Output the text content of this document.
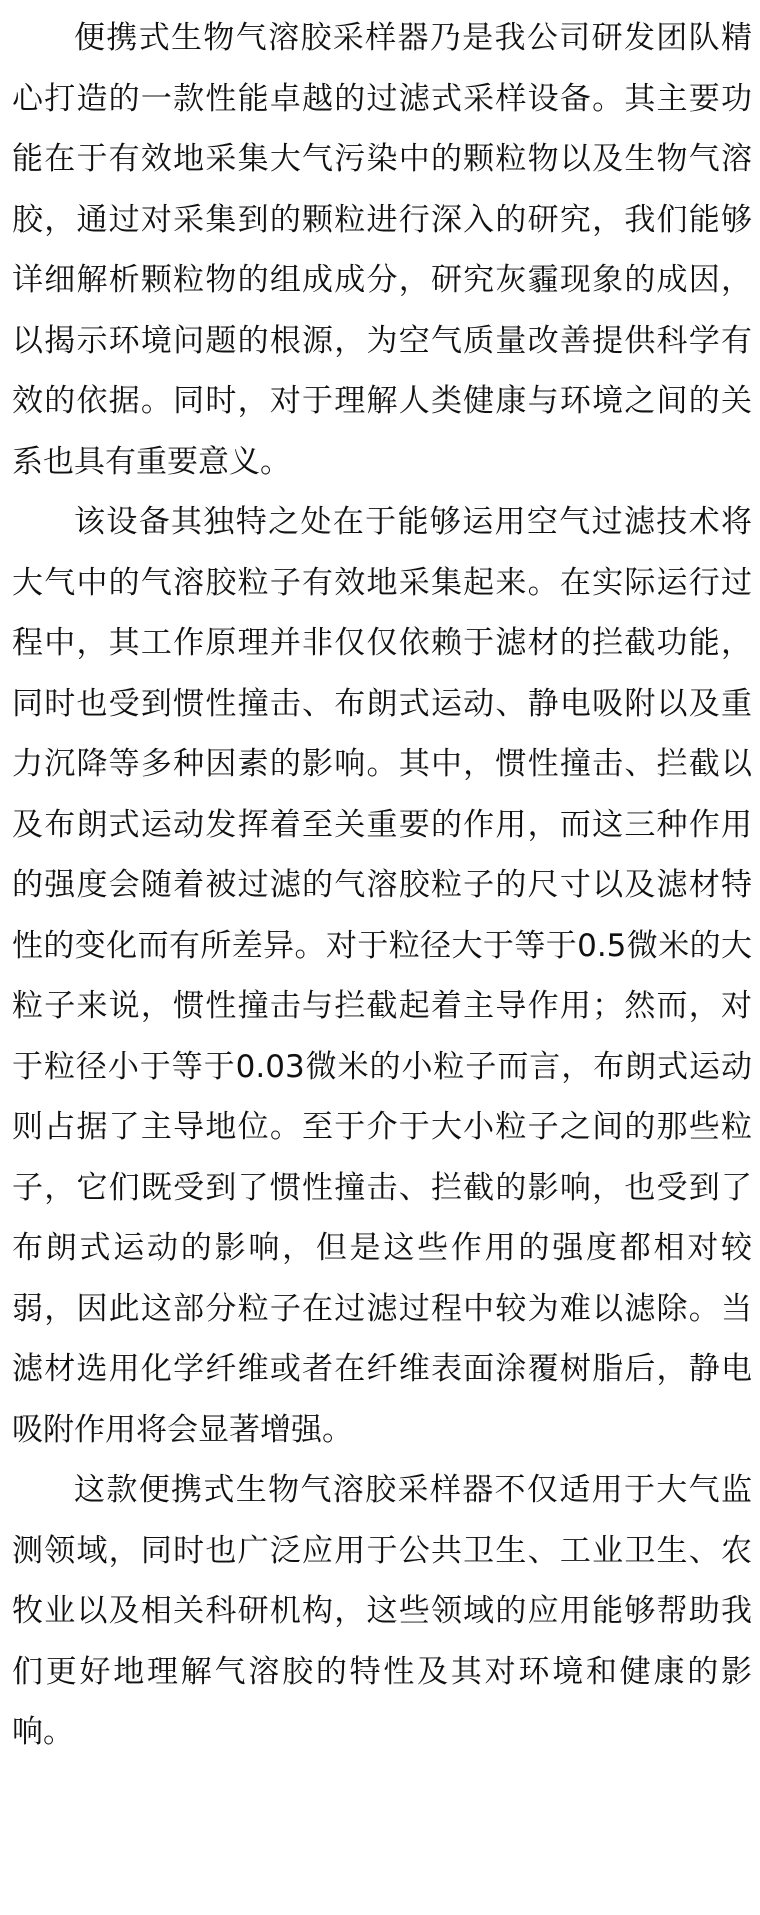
便携式生物气溶胶采样器乃是我公司研发团队精心打造的一款性能卓越的过滤式采样设备。其主要功能在于有效地采集大气污染中的颗粒物以及生物气溶胶，通过对采集到的颗粒进行深入的研究，我们能够详细解析颗粒物的组成成分，研究灰霾现象的成因，以揭示环境问题的根源，为空气质量改善提供科学有效的依据。同时，对于理解人类健康与环境之间的关系也具有重要意义。

该设备其独特之处在于能够运用空气过滤技术将大气中的气溶胶粒子有效地采集起来。在实际运行过程中，其工作原理并非仅仅依赖于滤材的拦截功能，同时也受到惯性撞击、布朗式运动、静电吸附以及重力沉降等多种因素的影响。其中，惯性撞击、拦截以及布朗式运动发挥着至关重要的作用，而这三种作用的强度会随着被过滤的气溶胶粒子的尺寸以及滤材特性的变化而有所差异。对于粒径大于等于0.5微米的大粒子来说，惯性撞击与拦截起着主导作用；然而，对于粒径小于等于0.03微米的小粒子而言，布朗式运动则占据了主导地位。至于介于大小粒子之间的那些粒子，它们既受到了惯性撞击、拦截的影响，也受到了布朗式运动的影响，但是这些作用的强度都相对较弱，因此这部分粒子在过滤过程中较为难以滤除。当滤材选用化学纤维或者在纤维表面涂覆树脂后，静电吸附作用将会显著增强。

这款便携式生物气溶胶采样器不仅适用于大气监测领域，同时也广泛应用于公共卫生、工业卫生、农牧业以及相关科研机构，这些领域的应用能够帮助我们更好地理解气溶胶的特性及其对环境和健康的影响。
